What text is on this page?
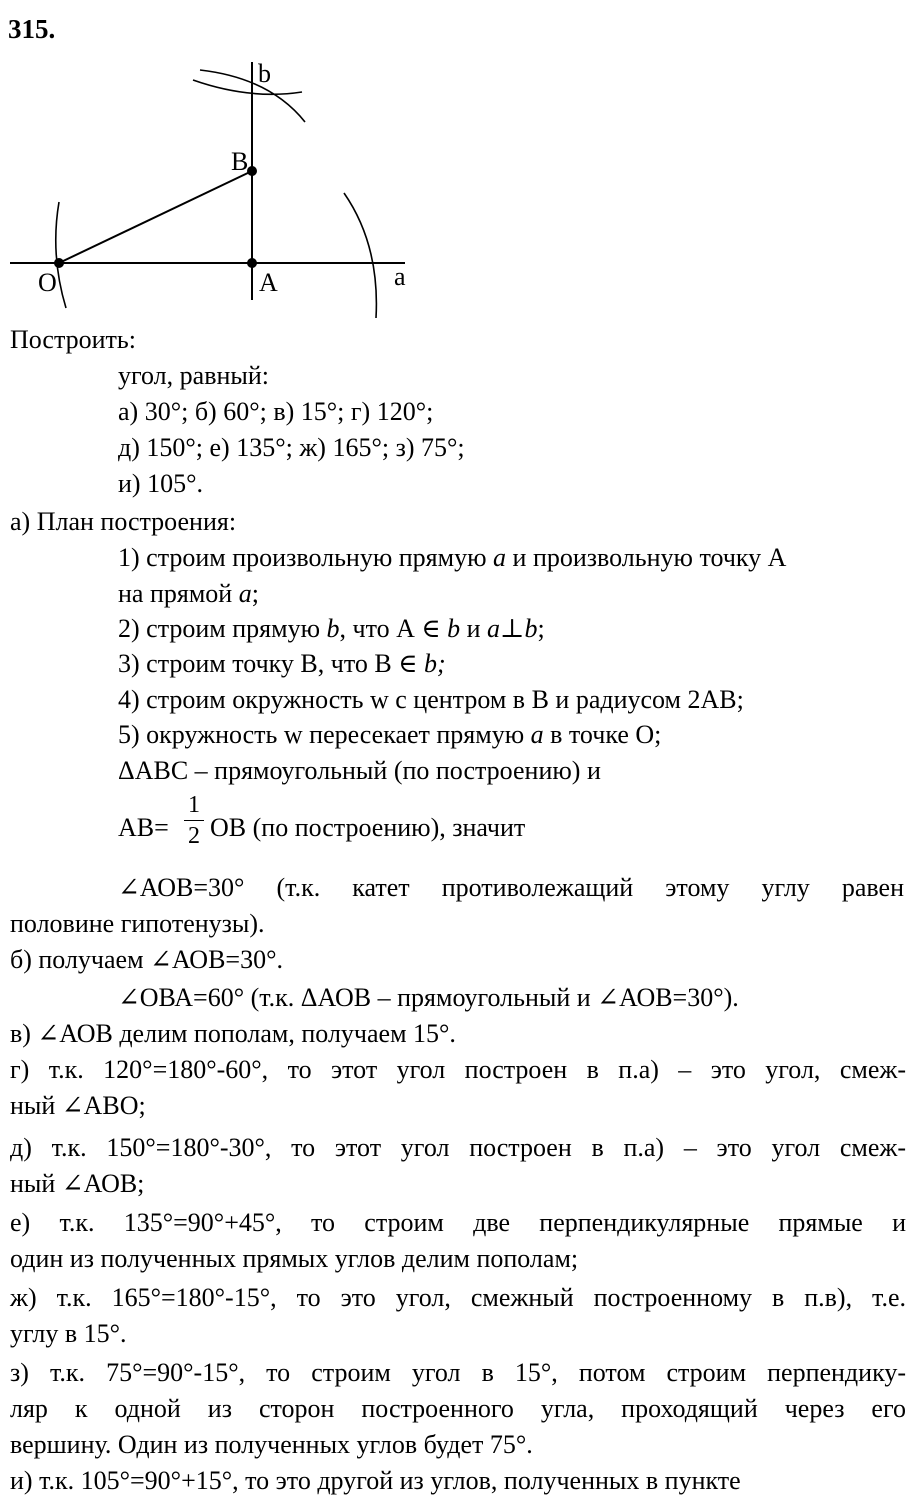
315.
b
B
O	A	a
Построить:
угол, равный:
а) 30°; б) 60°; в) 15°; г) 120°;
д) 150°; е) 135°; ж) 165°; з) 75°;
и) 105°.
а) План построения:
1) строим произвольную прямую a и произвольную точку А
на прямой a;
2) строим прямую b, что А ∈ b и a⊥b;
3) строим точку В, что В ∈ b;
4) строим окружность w с центром в В и радиусом 2АВ;
5) окружность w пересекает прямую a в точке О;
ΔАВС – прямоугольный (по построению) и
АВ=
1
2 ОВ (по построению), значит
∠АОВ=30° (т.к. катет противолежащий этому углу равен
половине гипотенузы).
б) получаем ∠АОВ=30°.
∠ОВА=60° (т.к. ΔАОВ – прямоугольный и ∠АОВ=30°).
в) ∠АОВ делим пополам, получаем 15°.
г) т.к. 120°=180°-60°, то этот угол построен в п.а) – это угол, смеж-
ный ∠АВО;
д) т.к. 150°=180°-30°, то этот угол построен в п.а) – это угол смеж-
ный ∠АОВ;
е) т.к. 135°=90°+45°, то строим две перпендикулярные прямые и
один из полученных прямых углов делим пополам;
ж) т.к. 165°=180°-15°, то это угол, смежный построенному в п.в), т.е.
углу в 15°.
з) т.к. 75°=90°-15°, то строим угол в 15°, потом строим перпендику-
ляр к одной из сторон построенного угла, проходящий через его
вершину. Один из полученных углов будет 75°.
и) т.к. 105°=90°+15°, то это другой из углов, полученных в пункте
